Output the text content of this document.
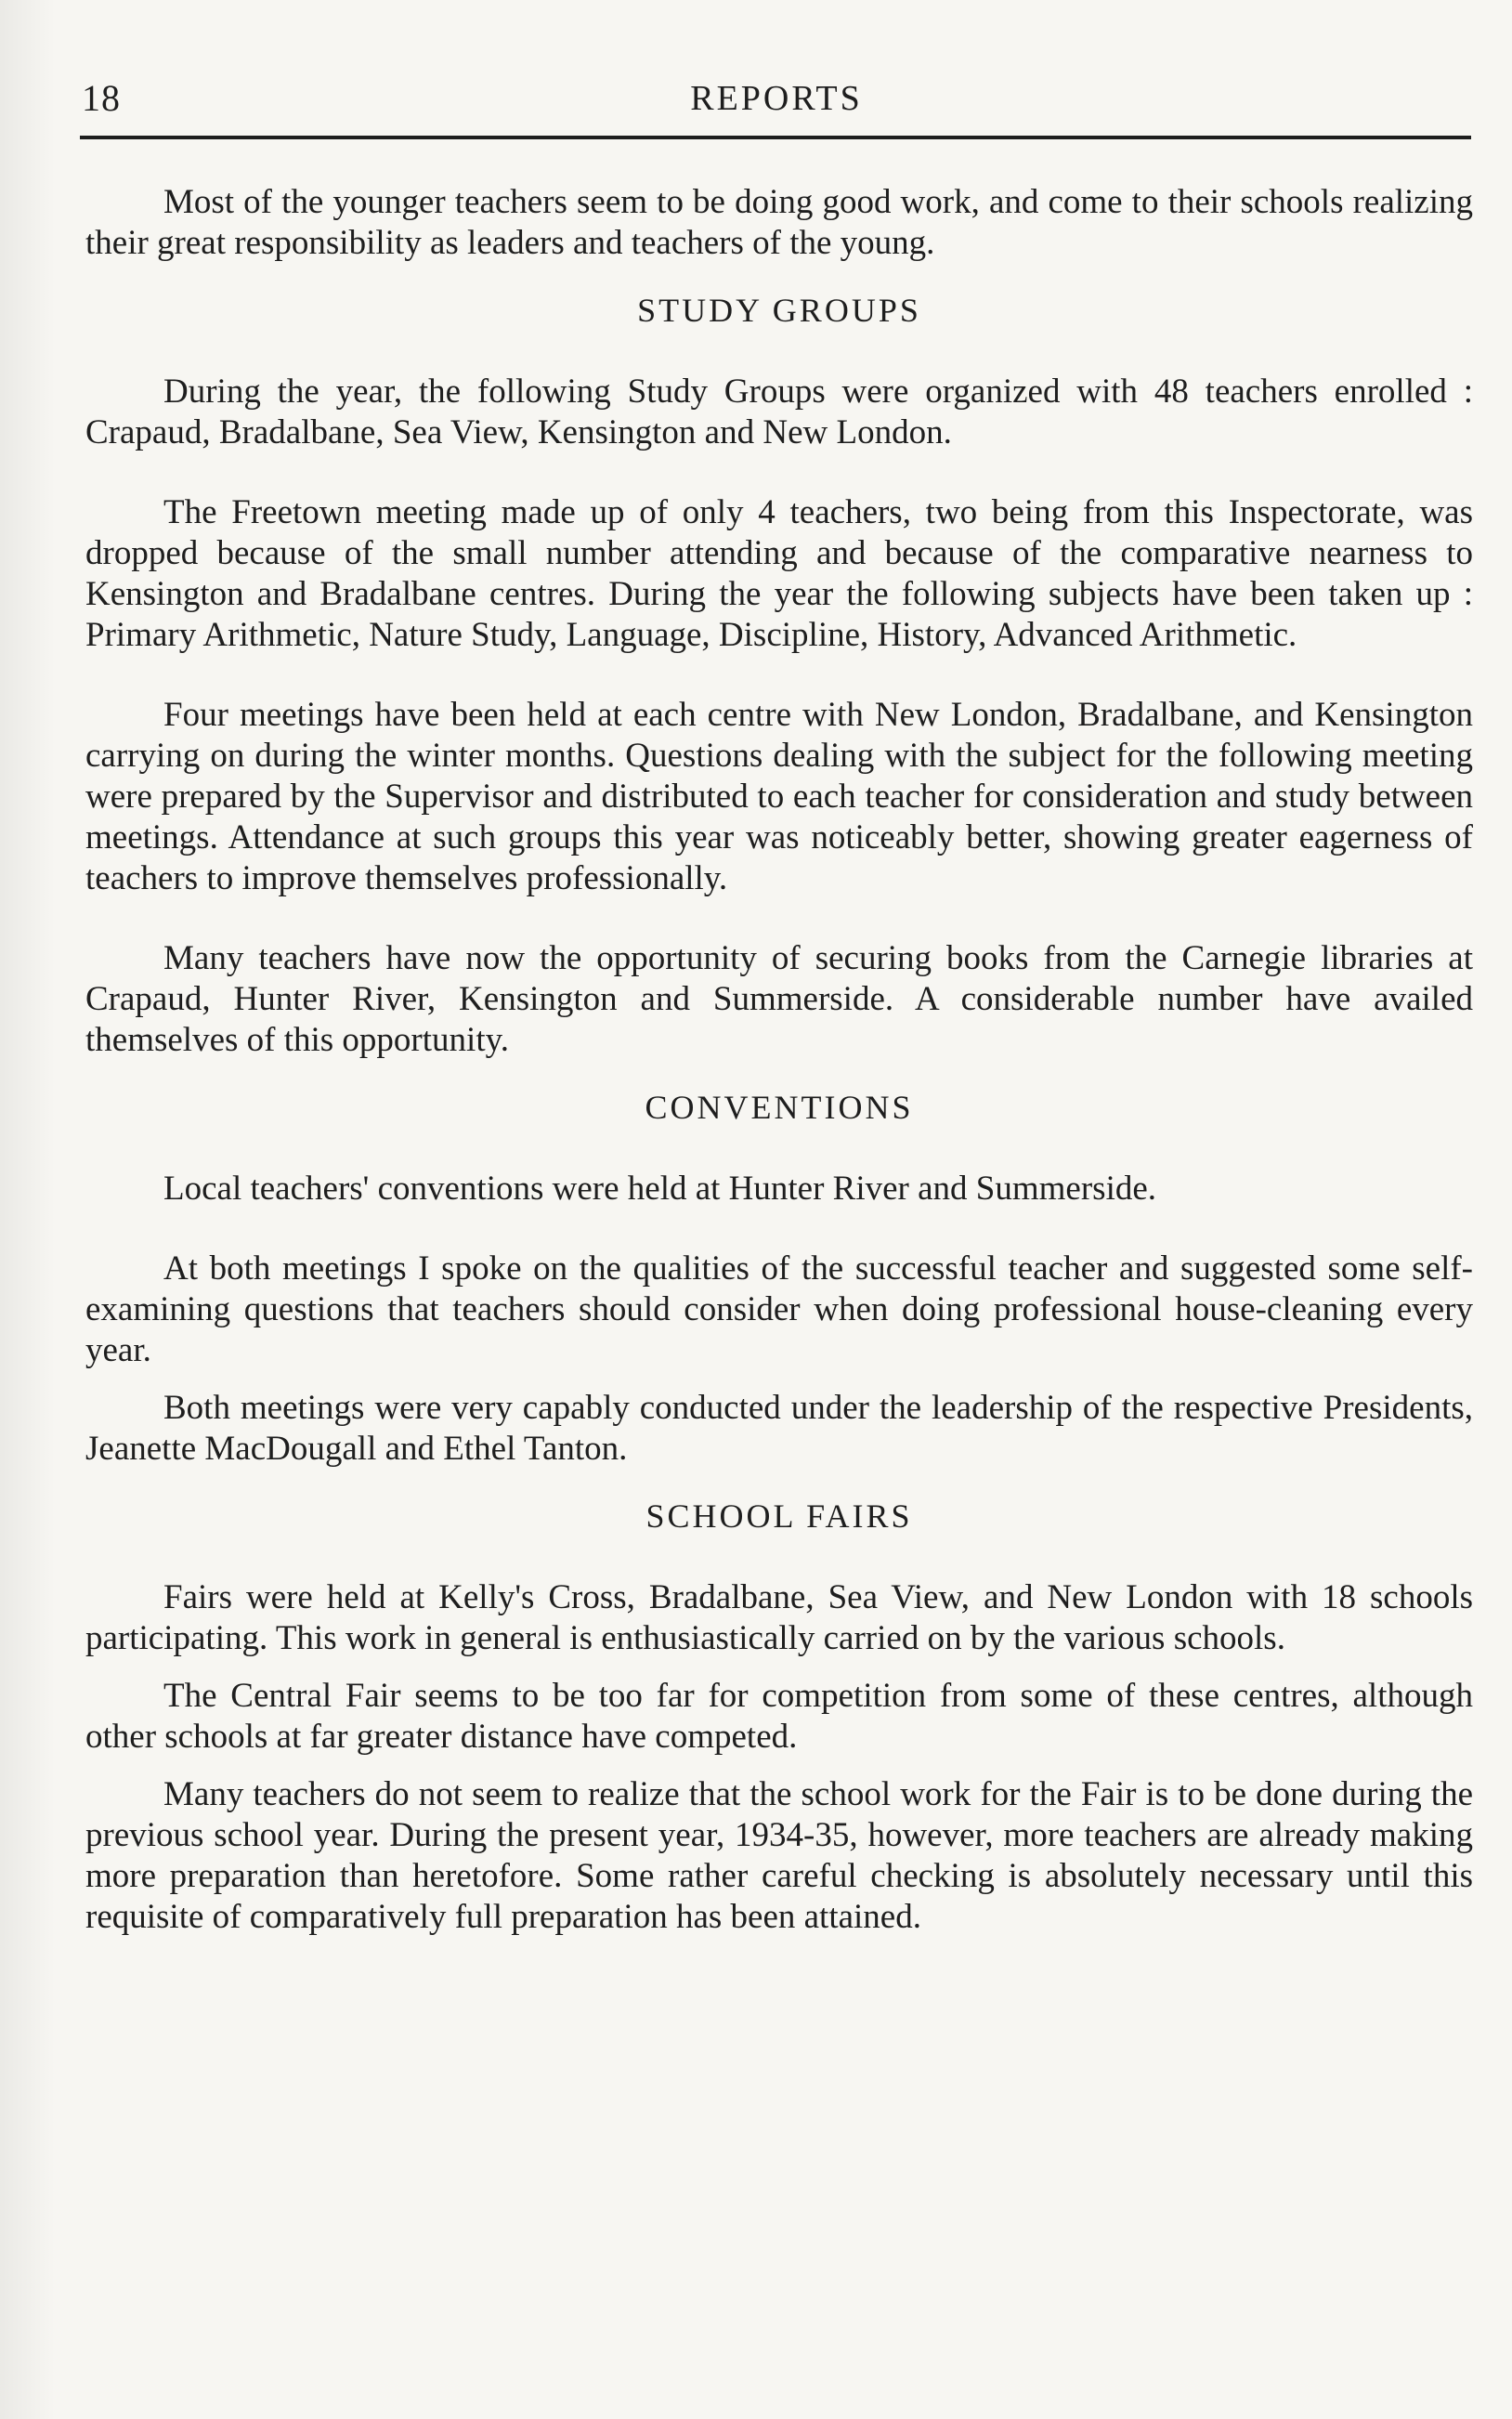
18	REPORTS

Most of the younger teachers seem to be doing good work, and come to their schools realizing their great responsibility as leaders and teachers of the young.

STUDY GROUPS

During the year, the following Study Groups were organized with 48 teachers enrolled : Crapaud, Bradalbane, Sea View, Kensington and New London.

The Freetown meeting made up of only 4 teachers, two being from this Inspectorate, was dropped because of the small number attending and because of the comparative nearness to Kensington and Bradalbane centres. During the year the following subjects have been taken up : Primary Arithmetic, Nature Study, Language, Discipline, History, Advanced Arithmetic.

Four meetings have been held at each centre with New London, Bradalbane, and Kensington carrying on during the winter months. Questions dealing with the subject for the following meeting were prepared by the Supervisor and distributed to each teacher for consideration and study between meetings. Attendance at such groups this year was noticeably better, showing greater eagerness of teachers to improve themselves professionally.

Many teachers have now the opportunity of securing books from the Carnegie libraries at Crapaud, Hunter River, Kensington and Summerside. A considerable number have availed themselves of this opportunity.

CONVENTIONS

Local teachers' conventions were held at Hunter River and Summerside.

At both meetings I spoke on the qualities of the successful teacher and suggested some self-examining questions that teachers should consider when doing professional house-cleaning every year.

Both meetings were very capably conducted under the leadership of the respective Presidents, Jeanette MacDougall and Ethel Tanton.

SCHOOL FAIRS

Fairs were held at Kelly's Cross, Bradalbane, Sea View, and New London with 18 schools participating. This work in general is enthusiastically carried on by the various schools.

The Central Fair seems to be too far for competition from some of these centres, although other schools at far greater distance have competed.

Many teachers do not seem to realize that the school work for the Fair is to be done during the previous school year. During the present year, 1934-35, however, more teachers are already making more preparation than heretofore. Some rather careful checking is absolutely necessary until this requisite of comparatively full preparation has been attained.
